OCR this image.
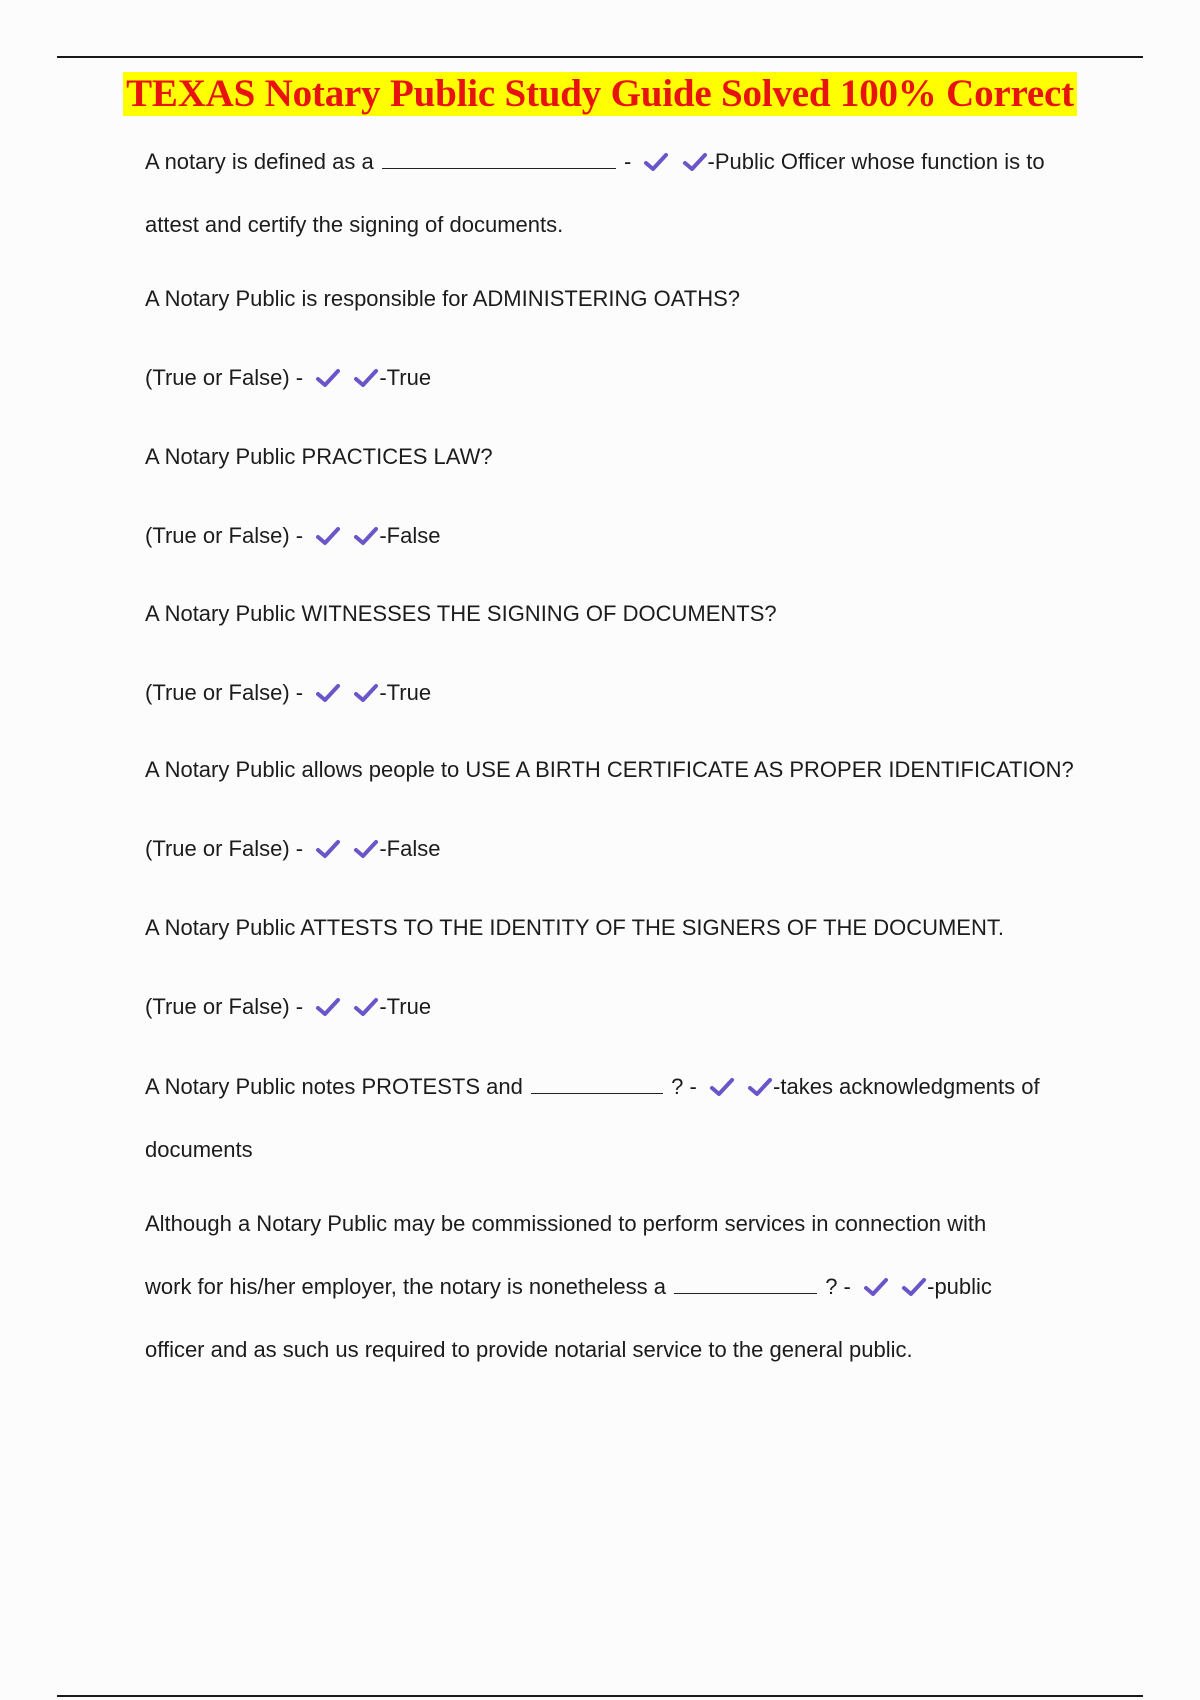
TEXAS Notary Public Study Guide Solved 100% Correct
A notary is defined as a	-
	-Public Officer whose function is to
attest and certify the signing of documents.
A Notary Public is responsible for ADMINISTERING OATHS?
(True or False) -
	-True
A Notary Public PRACTICES LAW?
(True or False) -
	-False
A Notary Public WITNESSES THE SIGNING OF DOCUMENTS?
(True or False) -
	-True
A Notary Public allows people to USE A BIRTH CERTIFICATE AS PROPER IDENTIFICATION?
(True or False) -
	-False
A Notary Public ATTESTS TO THE IDENTITY OF THE SIGNERS OF THE DOCUMENT.
(True or False) -
	-True
A Notary Public notes PROTESTS and	? -
	-takes acknowledgments of
documents
Although a Notary Public may be commissioned to perform services in connection with
work for his/her employer, the notary is nonetheless a	? -
	-public
officer and as such us required to provide notarial service to the general public.
